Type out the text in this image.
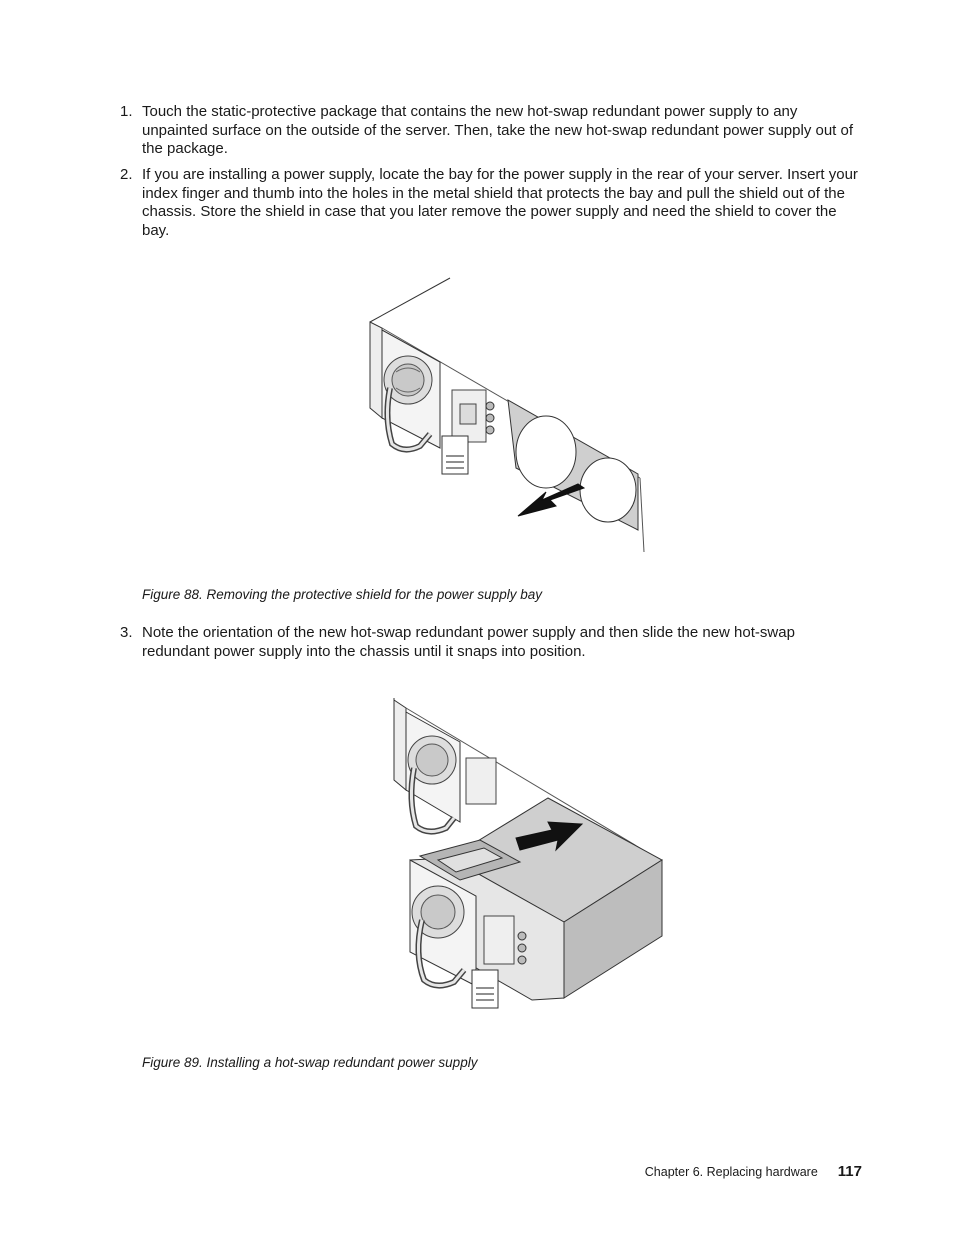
1. Touch the static-protective package that contains the new hot-swap redundant power supply to any unpainted surface on the outside of the server. Then, take the new hot-swap redundant power supply out of the package.

2. If you are installing a power supply, locate the bay for the power supply in the rear of your server. Insert your index finger and thumb into the holes in the metal shield that protects the bay and pull the shield out of the chassis. Store the shield in case that you later remove the power supply and need the shield to cover the bay.

Figure 88. Removing the protective shield for the power supply bay

3. Note the orientation of the new hot-swap redundant power supply and then slide the new hot-swap redundant power supply into the chassis until it snaps into position.

Figure 89. Installing a hot-swap redundant power supply

Chapter 6. Replacing hardware 117
